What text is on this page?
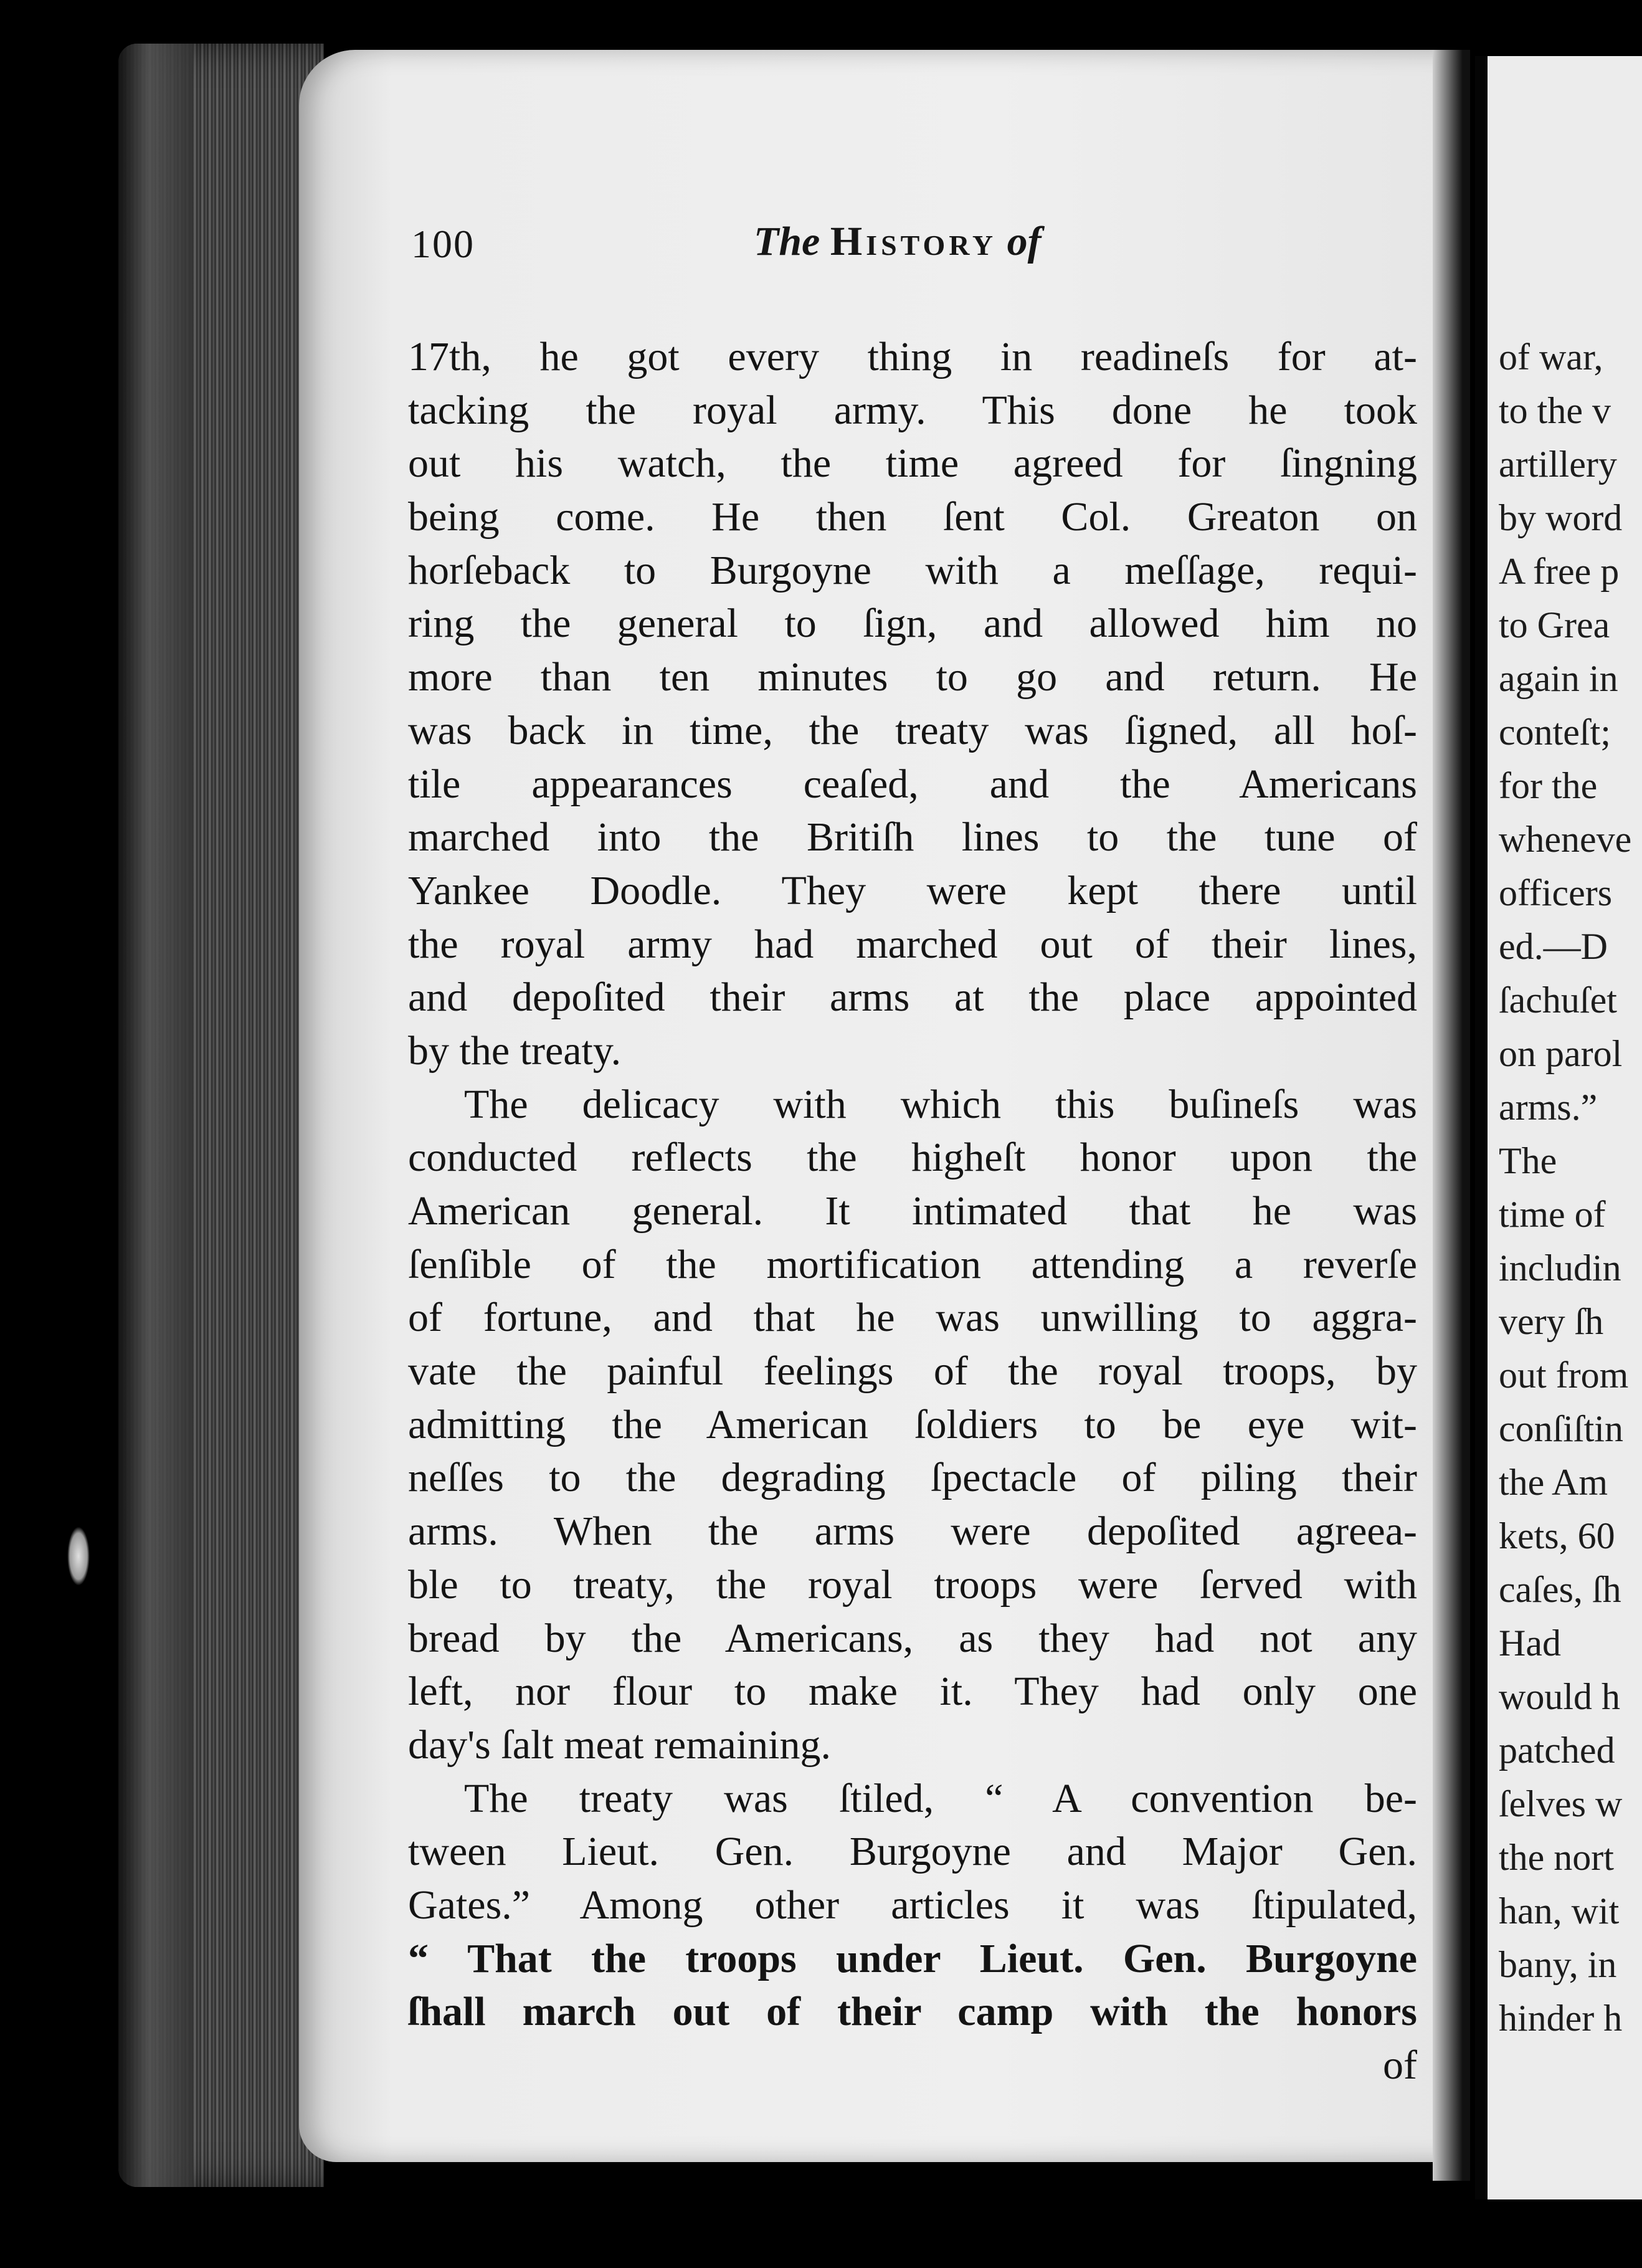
of war,
to the v
artillery
by word
A free p
to Grea
again in
conteſt;
for the
wheneve
officers
ed.—D
ſachuſet
on parol
arms.”
The
time of
includin
very ſh
out from
conſiſtin
the Am
kets, 60
caſes, ſh
Had
would h
patched
ſelves w
the nort
han, wit
bany, in
hinder h
100	The History of
17th, he got every thing in readineſs for at-
tacking the royal army. This done he took
out his watch, the time agreed for ſingning
being come. He then ſent Col. Greaton on
horſeback to Burgoyne with a meſſage, requi-
ring the general to ſign, and allowed him no
more than ten minutes to go and return. He
was back in time, the treaty was ſigned, all hoſ-
tile appearances ceaſed, and the Americans
marched into the Britiſh lines to the tune of
Yankee Doodle. They were kept there until
the royal army had marched out of their lines,
and depoſited their arms at the place appointed
by the treaty.
The delicacy with which this buſineſs was
conducted reflects the higheſt honor upon the
American general. It intimated that he was
ſenſible of the mortification attending a reverſe
of fortune, and that he was unwilling to aggra-
vate the painful feelings of the royal troops, by
admitting the American ſoldiers to be eye wit-
neſſes to the degrading ſpectacle of piling their
arms. When the arms were depoſited agreea-
ble to treaty, the royal troops were ſerved with
bread by the Americans, as they had not any
left, nor flour to make it. They had only one
day's ſalt meat remaining.
The treaty was ſtiled, “ A convention be-
tween Lieut. Gen. Burgoyne and Major Gen.
Gates.” Among other articles it was ſtipulated,
“ That the troops under Lieut. Gen. Burgoyne
ſhall march out of their camp with the honors
of
